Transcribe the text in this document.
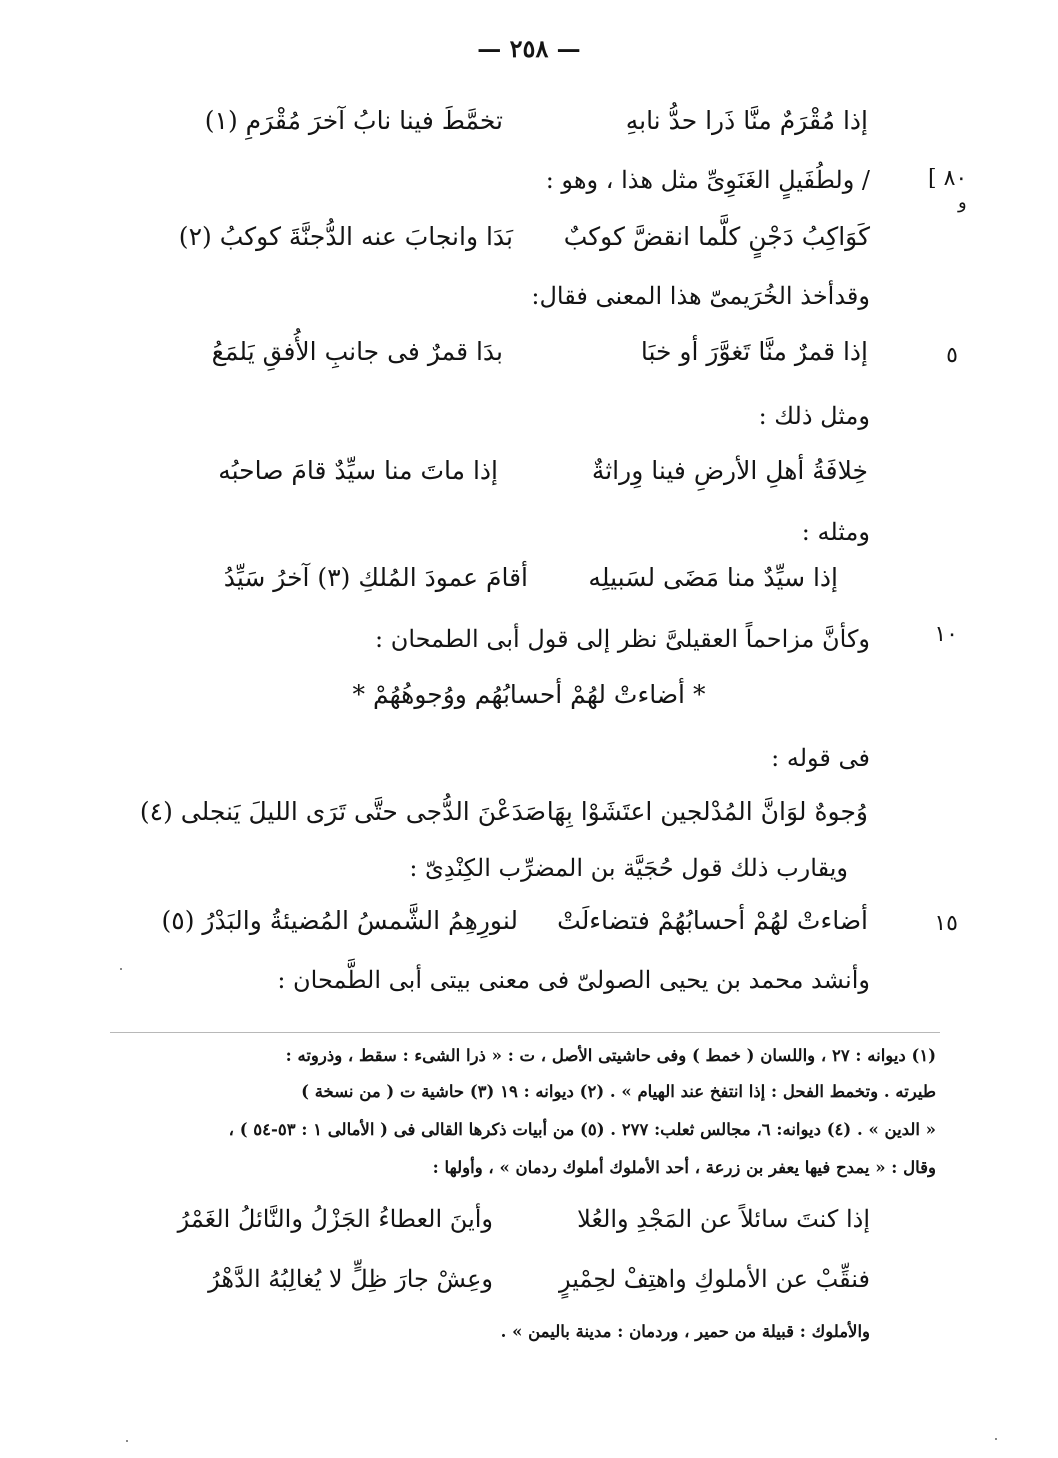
— ٢٥٨ —
[ ٨٠
و
٥
١٠
١٥
إذا مُقْرَمٌ منَّا ذَرا حدُّ نابهِ
تخمَّطَ فينا نابُ آخرَ مُقْرَمِ (١)
/ ولطُفَيلٍ الغَنَوِىِّ مثل هذا ، وهو :
كَوَاكِبُ دَجْنٍ كلَّما انقضَّ كوكبٌ
بَدَا وانجابَ عنه الدُّجنَّةَ كوكبُ (٢)
وقدأخذ الخُرَيمىّ هذا المعنى فقال:
إذا قمرٌ منَّا تَغوَّرَ أو خبَا
بدَا قمرٌ فى جانبِ الأُفقِ يَلمَعُ
ومثل ذلك :
إذا ماتَ منا سيِّدٌ قامَ صاحبُه	خِلافَةُ أهلِ الأرضِ فينا وِراثةٌ
ومثله :
إذا سيِّدٌ منا مَضَى لسَبيلِه
أقامَ عمودَ المُلكِ (٣) آخرُ سَيِّدُ
وكأنَّ مزاحماً العقيلىَّ نظر إلى قول أبى الطمحان :
* أضاءتْ لهُمْ أحسابُهُم ووُجوهُهُمْ *
فى قوله :
وُجوهٌ لوَانَّ المُدْلجين اعتَشَوْا بِهَا
صَدَعْنَ الدُّجى حتَّى تَرَى الليلَ يَنجلى (٤)
ويقارب ذلك قول حُجَيَّة بن المضرِّب الكِنْدِىّ :
أضاءتْ لهُمْ أحسابُهُمْ فتضاءلَتْ
لنورِهِمُ الشَّمسُ المُضيئةُ والبَدْرُ (٥)
وأنشد محمد بن يحيى الصولىّ فى معنى بيتى أبى الطَّمحان :
(١) ديوانه : ٢٧ ، واللسان ( خمط ) وفى حاشيتى الأصل ، ت : « ذرا الشىء : سقط ، وذروته :
طيرته . وتخمط الفحل : إذا انتفخ عند الهيام » . (٢) ديوانه : ١٩ (٣) حاشية ت ( من نسخة )
« الدين » . (٤) ديوانه: ٦، مجالس ثعلب: ٢٧٧ . (٥) من أبيات ذكرها القالى فى ( الأمالى ١ : ٥٣-٥٤ ) ،
وقال : « يمدح فيها يعفر بن زرعة ، أحد الأملوك أملوك ردمان » ، وأولها :
إذا كنتَ سائلاً عن المَجْدِ والعُلا
وأينَ العطاءُ الجَزْلُ والنَّائلُ الغَمْرُ
فنقِّبْ عن الأملوكِ واهتِفْ لحِمْيرٍ
وعِشْ جارَ ظِلٍّ لا يُغالِبُهُ الدَّهْرُ
والأملوك : قبيلة من حمير ، وردمان : مدينة باليمن » .
